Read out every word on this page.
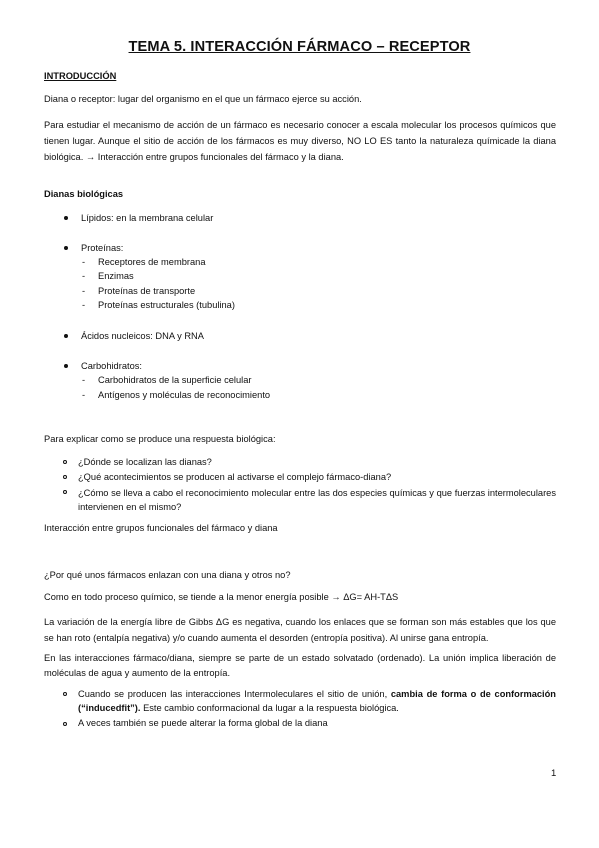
TEMA 5. INTERACCIÓN FÁRMACO – RECEPTOR
INTRODUCCIÓN
Diana o receptor: lugar del organismo en el que un fármaco ejerce su acción.
Para estudiar el mecanismo de acción de un fármaco es necesario conocer a escala molecular los procesos químicos que tienen lugar. Aunque el sitio de acción de los fármacos es muy diverso, NO LO ES tanto la naturaleza químicade la diana biológica. → Interacción entre grupos funcionales del fármaco y la diana.
Dianas biológicas
Lípidos: en la membrana celular
Proteínas:
- Receptores de membrana
- Enzimas
- Proteínas de transporte
- Proteínas estructurales (tubulina)
Ácidos nucleicos: DNA y RNA
Carbohidratos:
- Carbohidratos de la superficie celular
- Antígenos y moléculas de reconocimiento
Para explicar como se produce una respuesta biológica:
¿Dónde se localizan las dianas?
¿Qué acontecimientos se producen al activarse el complejo fármaco-diana?
¿Cómo se lleva a cabo el reconocimiento molecular entre las dos especies químicas y que fuerzas intermoleculares intervienen en el mismo?
Interacción entre grupos funcionales del fármaco y diana
¿Por qué unos fármacos enlazan con una diana y otros no?
Como en todo proceso químico, se tiende a la menor energía posible → ΔG= AH-TΔS
La variación de la energía libre de Gibbs ΔG es negativa, cuando los enlaces que se forman son más estables que los que se han roto (entalpía negativa) y/o cuando aumenta el desorden (entropía positiva). Al unirse gana entropía.
En las interacciones fármaco/diana, siempre se parte de un estado solvatado (ordenado). La unión implica liberación de moléculas de agua y aumento de la entropía.
Cuando se producen las interacciones Intermoleculares el sitio de unión, cambia de forma o de conformación (“inducedfit”). Este cambio conformacional da lugar a la respuesta biológica.
A veces también se puede alterar la forma global de la diana
1
